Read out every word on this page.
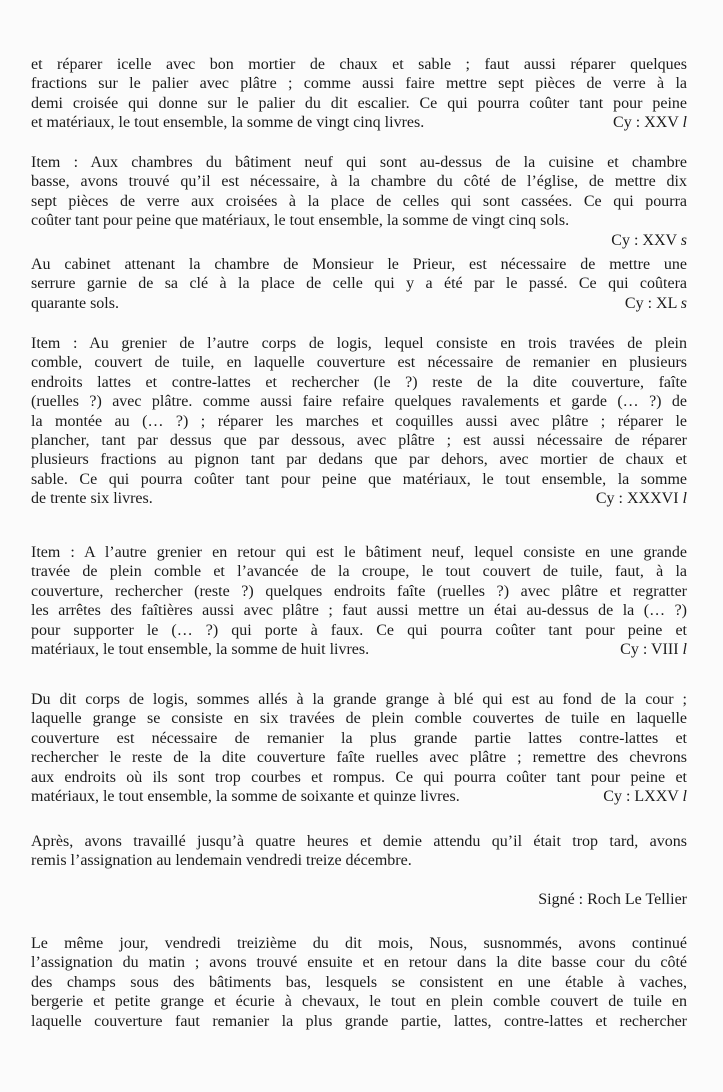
et réparer icelle avec bon mortier de chaux et sable ; faut aussi réparer quelques
fractions sur le palier avec plâtre ; comme aussi faire mettre sept pièces de verre à la
demi croisée qui donne sur le palier du dit escalier. Ce qui pourra coûter tant pour peine
et matériaux, le tout ensemble, la somme de vingt cinq livres.	Cy : XXV l
Item : Aux chambres du bâtiment neuf qui sont au-dessus de la cuisine et chambre
basse, avons trouvé qu’il est nécessaire, à la chambre du côté de l’église, de mettre dix
sept pièces de verre aux croisées à la place de celles qui sont cassées. Ce qui pourra
coûter tant pour peine que matériaux, le tout ensemble, la somme de vingt cinq sols.
Cy : XXV s
Au cabinet attenant la chambre de Monsieur le Prieur, est nécessaire de mettre une
serrure garnie de sa clé à la place de celle qui y a été par le passé. Ce qui coûtera
quarante sols.	Cy : XL s
Item : Au grenier de l’autre corps de logis, lequel consiste en trois travées de plein
comble, couvert de tuile, en laquelle couverture est nécessaire de remanier en plusieurs
endroits lattes et contre-lattes et rechercher (le ?) reste de la dite couverture, faîte
(ruelles ?) avec plâtre. comme aussi faire refaire quelques ravalements et garde (… ?) de
la montée au (… ?) ; réparer les marches et coquilles aussi avec plâtre ; réparer le
plancher, tant par dessus que par dessous, avec plâtre ; est aussi nécessaire de réparer
plusieurs fractions au pignon tant par dedans que par dehors, avec mortier de chaux et
sable. Ce qui pourra coûter tant pour peine que matériaux, le tout ensemble, la somme
de trente six livres.	Cy : XXXVI l
Item : A l’autre grenier en retour qui est le bâtiment neuf, lequel consiste en une grande
travée de plein comble et l’avancée de la croupe, le tout couvert de tuile, faut, à la
couverture, rechercher (reste ?) quelques endroits faîte (ruelles ?) avec plâtre et regratter
les arrêtes des faîtières aussi avec plâtre ; faut aussi mettre un étai au-dessus de la (… ?)
pour supporter le (… ?) qui porte à faux. Ce qui pourra coûter tant pour peine et
matériaux, le tout ensemble, la somme de huit livres.	Cy : VIII l
Du dit corps de logis, sommes allés à la grande grange à blé qui est au fond de la cour ;
laquelle grange se consiste en six travées de plein comble couvertes de tuile en laquelle
couverture est nécessaire de remanier la plus grande partie lattes contre-lattes et
rechercher le reste de la dite couverture faîte ruelles avec plâtre ; remettre des chevrons
aux endroits où ils sont trop courbes et rompus. Ce qui pourra coûter tant pour peine et
matériaux, le tout ensemble, la somme de soixante et quinze livres.	Cy : LXXV l
Après, avons travaillé jusqu’à quatre heures et demie attendu qu’il était trop tard, avons
remis l’assignation au lendemain vendredi treize décembre.
Signé : Roch Le Tellier
Le même jour, vendredi treizième du dit mois, Nous, susnommés, avons continué
l’assignation du matin ; avons trouvé ensuite et en retour dans la dite basse cour du côté
des champs sous des bâtiments bas, lesquels se consistent en une étable à vaches,
bergerie et petite grange et écurie à chevaux, le tout en plein comble couvert de tuile en
laquelle couverture faut remanier la plus grande partie, lattes, contre-lattes et rechercher
